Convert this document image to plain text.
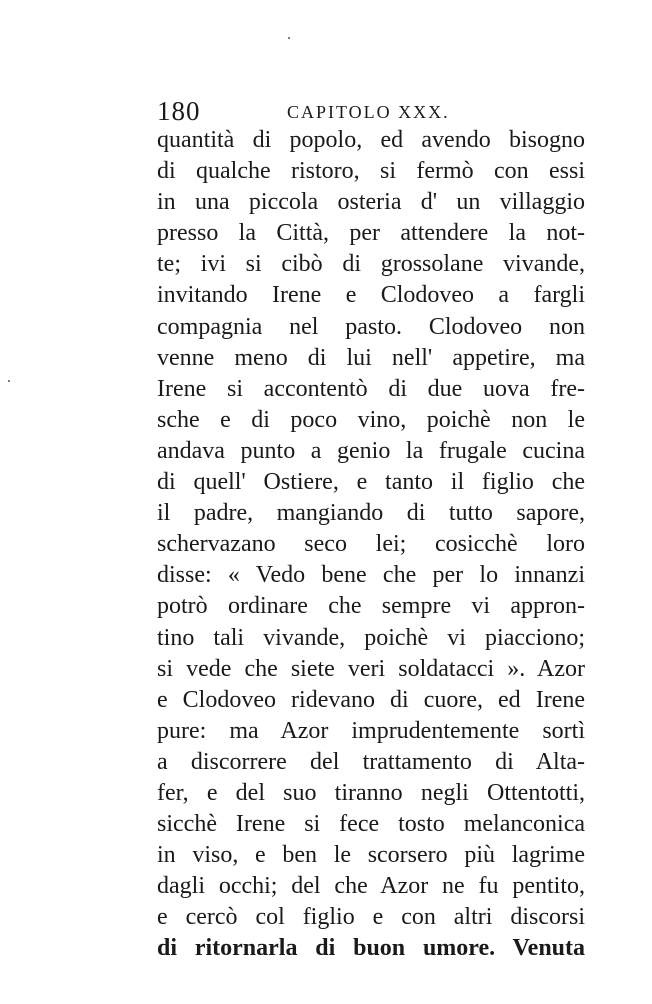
180	CAPITOLO XXX.
quantità di popolo, ed avendo bisogno
di qualche ristoro, si fermò con essi
in una piccola osteria d' un villaggio
presso la Città, per attendere la not-
te; ivi si cibò di grossolane vivande,
invitando Irene e Clodoveo a fargli
compagnia nel pasto. Clodoveo non
venne meno di lui nell' appetire, ma
Irene si accontentò di due uova fre-
sche e di poco vino, poichè non le
andava punto a genio la frugale cucina
di quell' Ostiere, e tanto il figlio che
il padre, mangiando di tutto sapore,
schervazano seco lei; cosicchè loro
disse: « Vedo bene che per lo innanzi
potrò ordinare che sempre vi appron-
tino tali vivande, poichè vi piacciono;
si vede che siete veri soldatacci ». Azor
e Clodoveo ridevano di cuore, ed Irene
pure: ma Azor imprudentemente sortì
a discorrere del trattamento di Alta-
fer, e del suo tiranno negli Ottentotti,
sicchè Irene si fece tosto melanconica
in viso, e ben le scorsero più lagrime
dagli occhi; del che Azor ne fu pentito,
e cercò col figlio e con altri discorsi
di ritornarla di buon umore. Venuta
